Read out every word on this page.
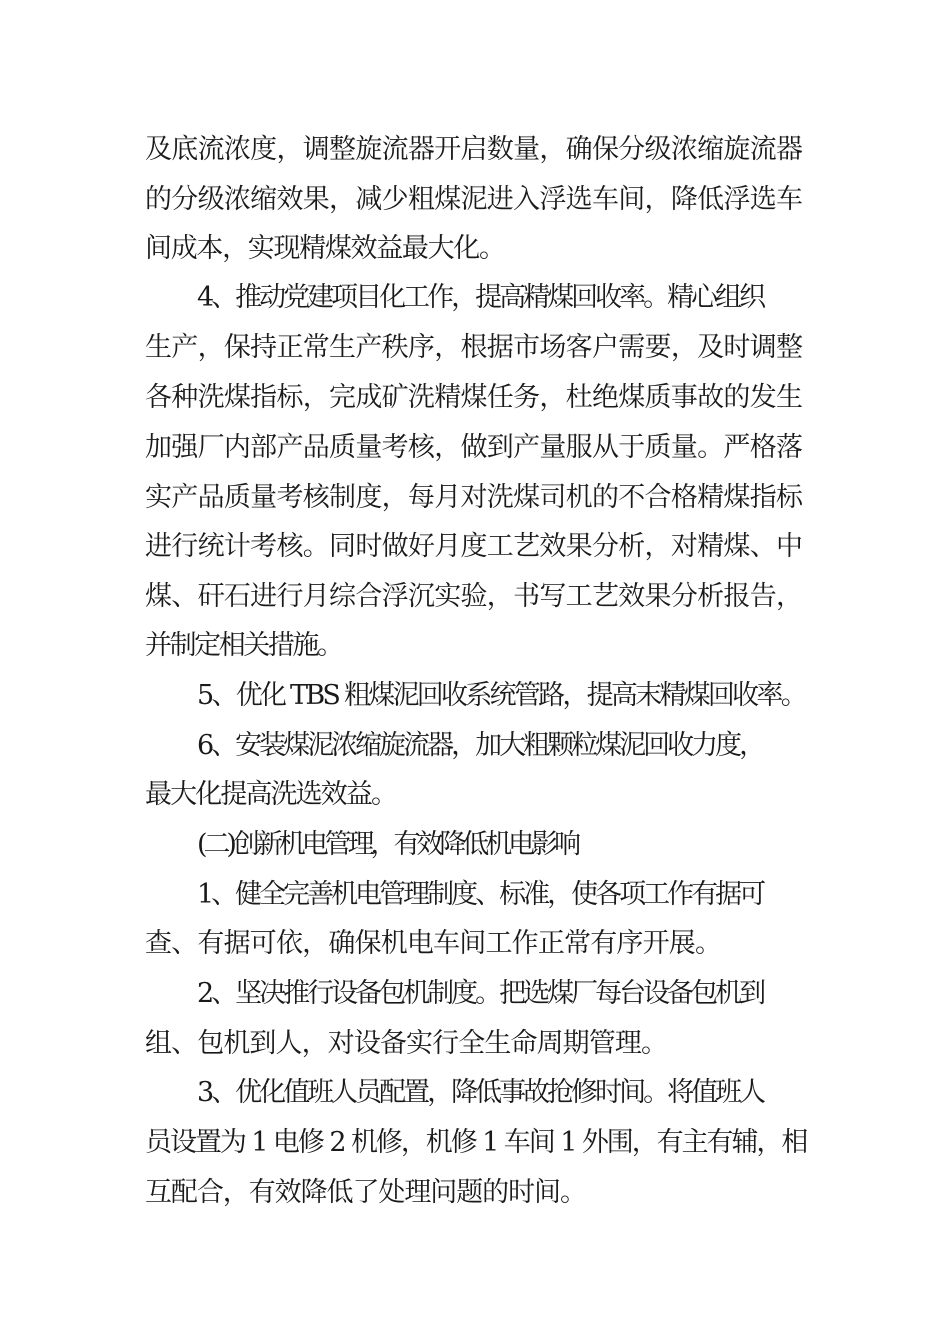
及底流浓度，调整旋流器开启数量，确保分级浓缩旋流器

的分级浓缩效果，减少粗煤泥进入浮选车间，降低浮选车

间成本，实现精煤效益最大化。

4、推动党建项目化工作，提高精煤回收率。精心组织

生产，保持正常生产秩序，根据市场客户需要，及时调整

各种洗煤指标，完成矿洗精煤任务，杜绝煤质事故的发生

加强厂内部产品质量考核，做到产量服从于质量。严格落

实产品质量考核制度，每月对洗煤司机的不合格精煤指标

进行统计考核。同时做好月度工艺效果分析，对精煤、中

煤、矸石进行月综合浮沉实验，书写工艺效果分析报告，

并制定相关措施。

5、优化 TBS 粗煤泥回收系统管路，提高末精煤回收率。

6、安装煤泥浓缩旋流器，加大粗颗粒煤泥回收力度，

最大化提高洗选效益。

(二)创新机电管理，有效降低机电影响

1、健全完善机电管理制度、标准，使各项工作有据可

查、有据可依，确保机电车间工作正常有序开展。

2、坚决推行设备包机制度。把选煤厂每台设备包机到

组、包机到人，对设备实行全生命周期管理。

3、优化值班人员配置，降低事故抢修时间。将值班人

员设置为 1 电修 2 机修，机修 1 车间 1 外围，有主有辅，相

互配合，有效降低了处理问题的时间。
